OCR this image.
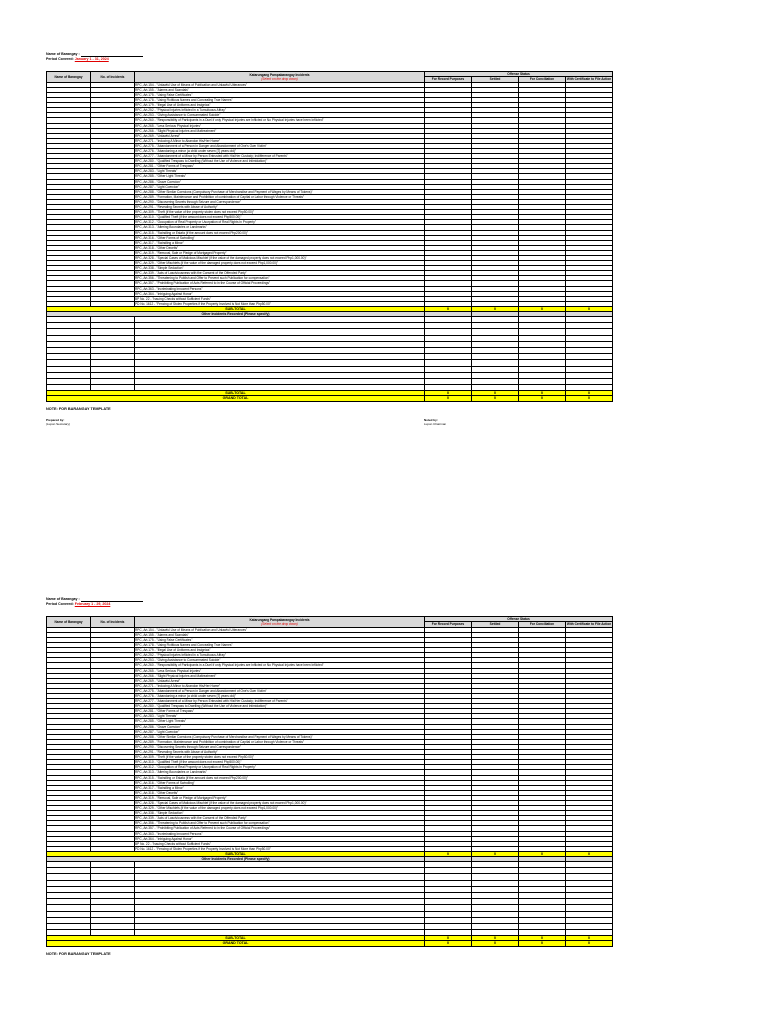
Name of Barangay :
Period Covered: January 1 - 31, 2024
Name of Barangay	No. of Incidents	Katarungang Pampabarangay Incidents
(Select on the drop down)	Offense Status			
			For Record Purposes	Settled	For Conciliation	With Certificate to File Action
		RPC, Art.154 - "Unlawful Use of Means of Publication and Unlawful Utterances"				
		RPC, Art.155 - "Alarms and Scandals"				
		RPC, Art.175 - "Using False Certificates"				
		RPC, Art.178 - "Using Fictitious Names and Concealing True Names"				
		RPC, Art.179 - "Illegal Use of Uniforms and Insignias"				
		RPC, Art.252 - "Physical Injuries Inflicted in a Tumultuous Affray"				
		RPC, Art.253 - "Giving Assistance to Consummated Suicide"				
		RPC, Art.260 - "Responsibility of Participants in a Duel if only Physical Injuries are Inflicted or No Physical Injuries have been Inflicted"				
		RPC, Art.265 - "Less Serious Physical Injuries"				
		RPC, Art.266 - "Slight Physical Injuries and Maltreatment"				
		RPC, Art.269 - "Unlawful Arrest"				
		RPC, Art.271 - "Inducing A Minor to Abandon His/Her Home"				
		RPC, Art.275 - "Abandonment of a Person in Danger and Abandonment of One's Own Victim"				
		RPC, Art.276 - "Abandoning a minor (a child under seven [7] years old)"				
		RPC, Art.277 - "Abandonment of a Minor by Person Entrusted with His/Her Custody; Indifference of Parents"				
		RPC, Art.280 - "Qualified Trespass to Dwelling (Without the Use of Violence and Intimidation)"				
		RPC, Art.281 - "Other Forms of Trespass"				
		RPC, Art.283 - "Light Threats"				
		RPC, Art.285 - "Other Light Threats"				
		RPC, Art.286 - "Grave Coercion"				
		RPC, Art.287 - "Light Coercion"				
		RPC, Art.288 - "Other Similar Coercions (Compulsory Purchase of Merchandise and Payment of Wages by Means of Tokens)"				
		RPC, Art.289 - "Formation, Maintenance and Prohibition of combination of Capital or Labor through Violence or Threats"				
		RPC, Art.290 - "Discovering Secrets through Seizure and Correspondence"				
		RPC, Art.291 - "Revealing Secrets with Abuse of Authority"				
		RPC, Art.309 - "Theft (if the value of the property stolen does not exceed Php50.00)"				
		RPC, Art.310 - "Qualified Theft (if the amount does not exceed Php500.00)"				
		RPC, Art.312 - "Occupation of Real Property or Usurpation of Real Rights in Property"				
		RPC, Art.313 - "Altering Boundaries or Landmarks"				
		RPC, Art.315 - "Swindling or Estafa (if the amount does not exceed Php200.00)"				
		RPC, Art.316 - "Other Forms of Swindling"				
		RPC, Art.317 - "Swindling a Minor"				
		RPC, Art.318 - "Other Deceits"				
		RPC, Art.319 - "Removal, Sale or Pledge of Mortgaged Property"				
		RPC, Art.328 - "Special Cases of Malicious Mischief (if the value of the damaged property does not exceed Php1,000.00)"				
		RPC, Art.329 - "Other Mischiefs (if the value of the damaged property does not exceed Php1,000.00)"				
		RPC, Art.338 - "Simple Seduction"				
		RPC, Art.339 - "Acts of Lasciviousness with the Consent of the Offended Party"				
		RPC, Art.356 - "Threatening to Publish and Offer to Prevent such Publication for compensation"				
		RPC, Art.357 - "Prohibiting Publication of Acts Referred to in the Course of Official Proceedings"				
		RPC, Art.363 - "Incriminating Innocent Persons"				
		RPC, Art.364 - "Intriguing Against Honor"				
		BP No. 22 - "Issuing Checks without Sufficient Funds"				
		PD No. 1612 - "Fencing of Stolen Properties if the Property Involved is Not More than Php50.00"				
SUB-TOTAL			0	0	0	0
Other Incidents Recorded (Please specify)						

SUB-TOTAL			0	0	0	0
GRAND TOTAL			0	0	0	0
NOTE: FOR BARANGAY TEMPLATE
Prepared by:
(Lupon Secretary)
Noted by:
Lupon Chairman
Name of Barangay :
Period Covered: February 1 - 29, 2024
Name of Barangay	No. of Incidents	Katarungang Pampabarangay Incidents
(Select on the drop down)	Offense Status			
			For Record Purposes	Settled	For Conciliation	With Certificate to File Action
		RPC, Art.154 - "Unlawful Use of Means of Publication and Unlawful Utterances"				
		RPC, Art.155 - "Alarms and Scandals"				
		RPC, Art.175 - "Using False Certificates"				
		RPC, Art.178 - "Using Fictitious Names and Concealing True Names"				
		RPC, Art.179 - "Illegal Use of Uniforms and Insignias"				
		RPC, Art.252 - "Physical Injuries Inflicted in a Tumultuous Affray"				
		RPC, Art.253 - "Giving Assistance to Consummated Suicide"				
		RPC, Art.260 - "Responsibility of Participants in a Duel if only Physical Injuries are Inflicted or No Physical Injuries have been Inflicted"				
		RPC, Art.265 - "Less Serious Physical Injuries"				
		RPC, Art.266 - "Slight Physical Injuries and Maltreatment"				
		RPC, Art.269 - "Unlawful Arrest"				
		RPC, Art.271 - "Inducing A Minor to Abandon His/Her Home"				
		RPC, Art.275 - "Abandonment of a Person in Danger and Abandonment of One's Own Victim"				
		RPC, Art.276 - "Abandoning a minor (a child under seven [7] years old)"				
		RPC, Art.277 - "Abandonment of a Minor by Person Entrusted with His/Her Custody; Indifference of Parents"				
		RPC, Art.280 - "Qualified Trespass to Dwelling (Without the Use of Violence and Intimidation)"				
		RPC, Art.281 - "Other Forms of Trespass"				
		RPC, Art.283 - "Light Threats"				
		RPC, Art.285 - "Other Light Threats"				
		RPC, Art.286 - "Grave Coercion"				
		RPC, Art.287 - "Light Coercion"				
		RPC, Art.288 - "Other Similar Coercions (Compulsory Purchase of Merchandise and Payment of Wages by Means of Tokens)"				
		RPC, Art.289 - "Formation, Maintenance and Prohibition of combination of Capital or Labor through Violence or Threats"				
		RPC, Art.290 - "Discovering Secrets through Seizure and Correspondence"				
		RPC, Art.291 - "Revealing Secrets with Abuse of Authority"				
		RPC, Art.309 - "Theft (if the value of the property stolen does not exceed Php50.00)"				
		RPC, Art.310 - "Qualified Theft (if the amount does not exceed Php500.00)"				
		RPC, Art.312 - "Occupation of Real Property or Usurpation of Real Rights in Property"				
		RPC, Art.313 - "Altering Boundaries or Landmarks"				
		RPC, Art.315 - "Swindling or Estafa (if the amount does not exceed Php200.00)"				
		RPC, Art.316 - "Other Forms of Swindling"				
		RPC, Art.317 - "Swindling a Minor"				
		RPC, Art.318 - "Other Deceits"				
		RPC, Art.319 - "Removal, Sale or Pledge of Mortgaged Property"				
		RPC, Art.328 - "Special Cases of Malicious Mischief (if the value of the damaged property does not exceed Php1,000.00)"				
		RPC, Art.329 - "Other Mischiefs (if the value of the damaged property does not exceed Php1,000.00)"				
		RPC, Art.338 - "Simple Seduction"				
		RPC, Art.339 - "Acts of Lasciviousness with the Consent of the Offended Party"				
		RPC, Art.356 - "Threatening to Publish and Offer to Prevent such Publication for compensation"				
		RPC, Art.357 - "Prohibiting Publication of Acts Referred to in the Course of Official Proceedings"				
		RPC, Art.363 - "Incriminating Innocent Persons"				
		RPC, Art.364 - "Intriguing Against Honor"				
		BP No. 22 - "Issuing Checks without Sufficient Funds"				
		PD No. 1612 - "Fencing of Stolen Properties if the Property Involved is Not More than Php50.00"				
SUB-TOTAL			0	0	0	0
Other Incidents Recorded (Please specify)						

SUB-TOTAL			0	0	0	0
GRAND TOTAL			0	0	0	0
NOTE: FOR BARANGAY TEMPLATE
